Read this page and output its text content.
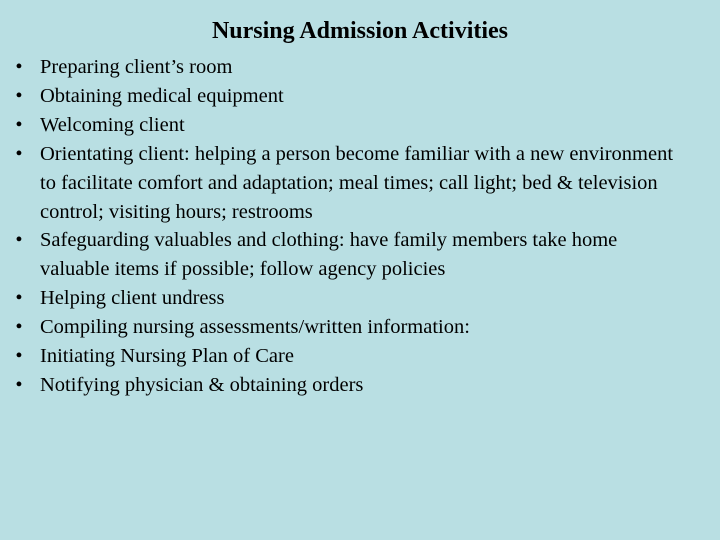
Nursing Admission Activities
• Preparing client’s room
• Obtaining medical equipment
• Welcoming client
• Orientating client: helping a person become familiar with a new environment to facilitate comfort and adaptation; meal times; call light; bed & television control; visiting hours; restrooms
• Safeguarding valuables and clothing: have family members take home valuable items if possible; follow agency policies
• Helping client undress
• Compiling nursing assessments/written information:
• Initiating Nursing Plan of Care
• Notifying physician & obtaining orders
